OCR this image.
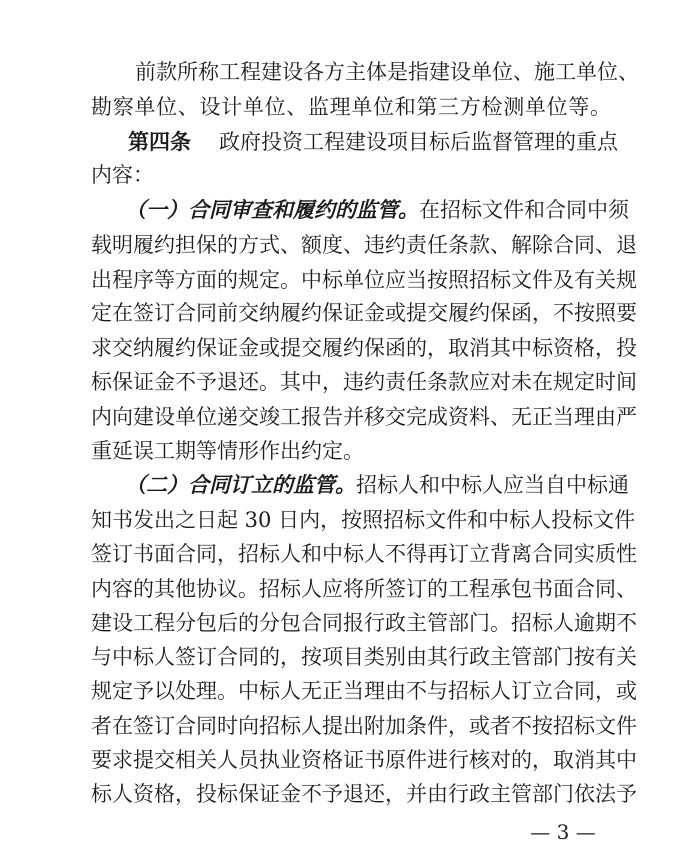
前款所称工程建设各方主体是指建设单位、施工单位、
勘察单位、设计单位、监理单位和第三方检测单位等。
第四条 政府投资工程建设项目标后监督管理的重点
内容：
（一）合同审查和履约的监管。在招标文件和合同中须
载明履约担保的方式、额度、违约责任条款、解除合同、退
出程序等方面的规定。中标单位应当按照招标文件及有关规
定在签订合同前交纳履约保证金或提交履约保函，不按照要
求交纳履约保证金或提交履约保函的，取消其中标资格，投
标保证金不予退还。其中，违约责任条款应对未在规定时间
内向建设单位递交竣工报告并移交完成资料、无正当理由严
重延误工期等情形作出约定。
（二）合同订立的监管。招标人和中标人应当自中标通
知书发出之日起 30 日内，按照招标文件和中标人投标文件
签订书面合同，招标人和中标人不得再订立背离合同实质性
内容的其他协议。招标人应将所签订的工程承包书面合同、
建设工程分包后的分包合同报行政主管部门。招标人逾期不
与中标人签订合同的，按项目类别由其行政主管部门按有关
规定予以处理。中标人无正当理由不与招标人订立合同，或
者在签订合同时向招标人提出附加条件，或者不按招标文件
要求提交相关人员执业资格证书原件进行核对的，取消其中
标人资格，投标保证金不予退还，并由行政主管部门依法予
— 3 —
